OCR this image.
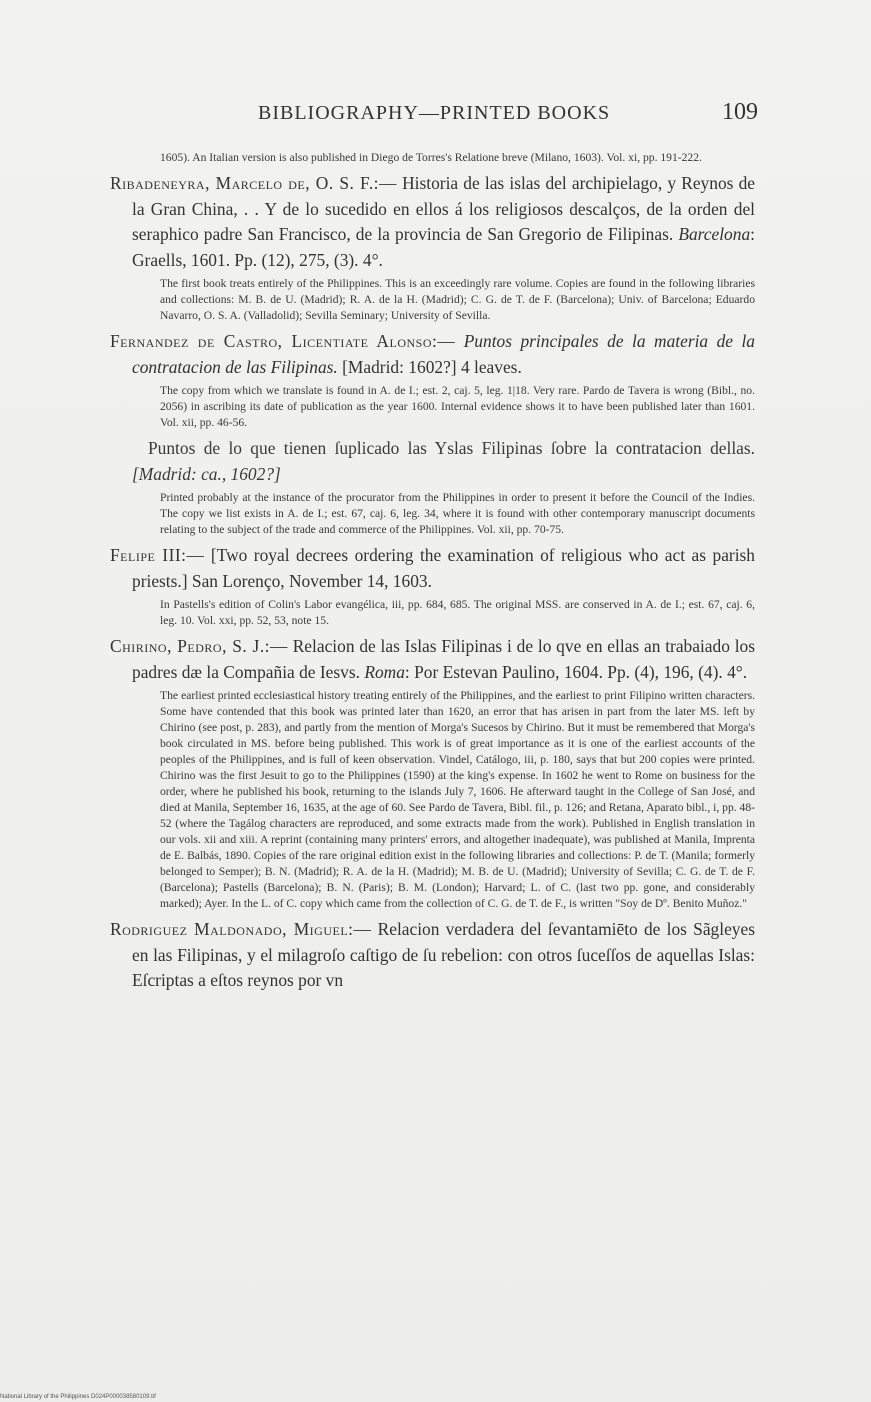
BIBLIOGRAPHY—PRINTED BOOKS	109
1605). An Italian version is also published in Diego de Torres's Relatione breve (Milano, 1603). Vol. xi, pp. 191-222.
Ribadeneyra, Marcelo de, O. S. F.:— Historia de las islas del archipielago, y Reynos de la Gran China, . . Y de lo sucedido en ellos á los religiosos descalços, de la orden del seraphico padre San Francisco, de la provincia de San Gregorio de Filipinas. Barcelona: Graells, 1601. Pp. (12), 275, (3). 4°.
The first book treats entirely of the Philippines. This is an exceedingly rare volume. Copies are found in the following libraries and collections: M. B. de U. (Madrid); R. A. de la H. (Madrid); C. G. de T. de F. (Barcelona); Univ. of Barcelona; Eduardo Navarro, O. S. A. (Valladolid); Sevilla Seminary; University of Sevilla.
Fernandez de Castro, Licentiate Alonso:— Puntos principales de la materia de la contratacion de las Filipinas. [Madrid: 1602?] 4 leaves.
The copy from which we translate is found in A. de I.; est. 2, caj. 5, leg. 1|18. Very rare. Pardo de Tavera is wrong (Bibl., no. 2056) in ascribing its date of publication as the year 1600. Internal evidence shows it to have been published later than 1601. Vol. xii, pp. 46-56.
Puntos de lo que tienen ſuplicado las Yslas Filipinas ſobre la contratacion dellas. [Madrid: ca., 1602?]
Printed probably at the instance of the procurator from the Philippines in order to present it before the Council of the Indies. The copy we list exists in A. de I.; est. 67, caj. 6, leg. 34, where it is found with other contemporary manuscript documents relating to the subject of the trade and commerce of the Philippines. Vol. xii, pp. 70-75.
Felipe III:— [Two royal decrees ordering the examination of religious who act as parish priests.] San Lorenço, November 14, 1603.
In Pastells's edition of Colin's Labor evangélica, iii, pp. 684, 685. The original MSS. are conserved in A. de I.; est. 67, caj. 6, leg. 10. Vol. xxi, pp. 52, 53, note 15.
Chirino, Pedro, S. J.:— Relacion de las Islas Filipinas i de lo qve en ellas an trabaiado los padres dæ la Compañia de Iesvs. Roma: Por Estevan Paulino, 1604. Pp. (4), 196, (4). 4°.
The earliest printed ecclesiastical history treating entirely of the Philippines, and the earliest to print Filipino written characters. Some have contended that this book was printed later than 1620, an error that has arisen in part from the later MS. left by Chirino (see post, p. 283), and partly from the mention of Morga's Sucesos by Chirino. But it must be remembered that Morga's book circulated in MS. before being published. This work is of great importance as it is one of the earliest accounts of the peoples of the Philippines, and is full of keen observation. Vindel, Catálogo, iii, p. 180, says that but 200 copies were printed. Chirino was the first Jesuit to go to the Philippines (1590) at the king's expense. In 1602 he went to Rome on business for the order, where he published his book, returning to the islands July 7, 1606. He afterward taught in the College of San José, and died at Manila, September 16, 1635, at the age of 60. See Pardo de Tavera, Bibl. fil., p. 126; and Retana, Aparato bibl., i, pp. 48-52 (where the Tagálog characters are reproduced, and some extracts made from the work). Published in English translation in our vols. xii and xiii. A reprint (containing many printers' errors, and altogether inadequate), was published at Manila, Imprenta de E. Balbás, 1890. Copies of the rare original edition exist in the following libraries and collections: P. de T. (Manila; formerly belonged to Semper); B. N. (Madrid); R. A. de la H. (Madrid); M. B. de U. (Madrid); University of Sevilla; C. G. de T. de F. (Barcelona); Pastells (Barcelona); B. N. (Paris); B. M. (London); Harvard; L. of C. (last two pp. gone, and considerably marked); Ayer. In the L. of C. copy which came from the collection of C. G. de T. de F., is written "Soy de Dº. Benito Muñoz."
Rodriguez Maldonado, Miguel:— Relacion verdadera del ſevantamiēto de los Sãgleyes en las Filipinas, y el milagroſo caſtigo de ſu rebelion: con otros ſuceſſos de aquellas Islas: Eſcriptas a eſtos reynos por vn
National Library of the Philippines D024P000038580109.tif
